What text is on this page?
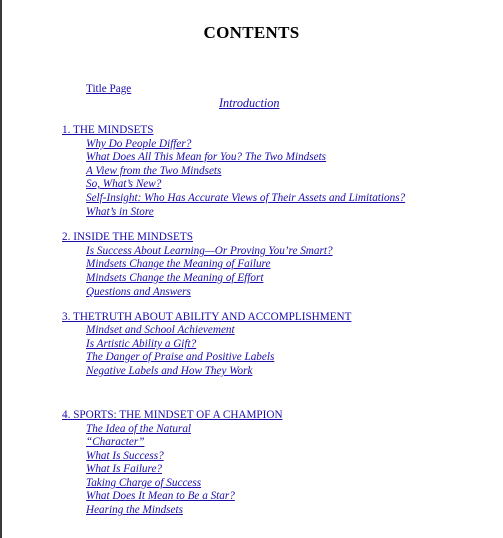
CONTENTS
Title Page
Introduction
1. THE MINDSETS
Why Do People Differ?
What Does All This Mean for You? The Two Mindsets
A View from the Two Mindsets
So, What’s New?
Self-Insight: Who Has Accurate Views of Their Assets and Limitations?
What’s in Store
2. INSIDE THE MINDSETS
Is Success About Learning—Or Proving You’re Smart?
Mindsets Change the Meaning of Failure
Mindsets Change the Meaning of Effort
Questions and Answers
3. THETRUTH ABOUT ABILITY AND ACCOMPLISHMENT
Mindset and School Achievement
Is Artistic Ability a Gift?
The Danger of Praise and Positive Labels
Negative Labels and How They Work
4. SPORTS: THE MINDSET OF A CHAMPION
The Idea of the Natural
“Character”
What Is Success?
What Is Failure?
Taking Charge of Success
What Does It Mean to Be a Star?
Hearing the Mindsets
